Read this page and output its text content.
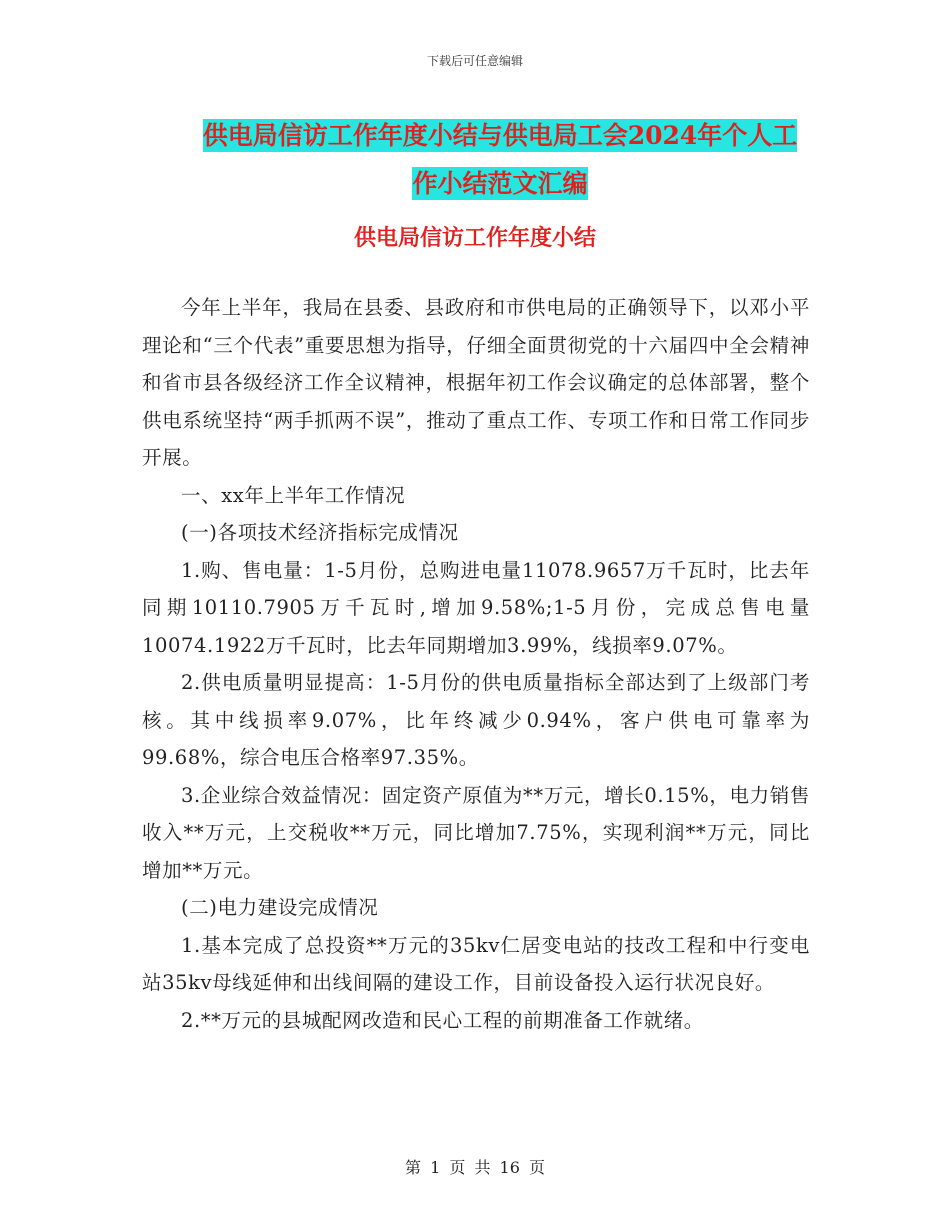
下载后可任意编辑
供电局信访工作年度小结与供电局工会2024年个人工
作小结范文汇编
供电局信访工作年度小结

今年上半年，我局在县委、县政府和市供电局的正确领导下，以邓小平理论和“三个代表”重要思想为指导，仔细全面贯彻党的十六届四中全会精神和省市县各级经济工作全议精神，根据年初工作会议确定的总体部署，整个供电系统坚持“两手抓两不误”，推动了重点工作、专项工作和日常工作同步开展。

一、xx年上半年工作情况

(一)各项技术经济指标完成情况

1.购、售电量：1-5月份，总购进电量11078.9657万千瓦时，比去年同期10110.7905万千瓦时,增加9.58%;1-5月份，完成总售电量10074.1922万千瓦时，比去年同期增加3.99%，线损率9.07%。

2.供电质量明显提高：1-5月份的供电质量指标全部达到了上级部门考核。其中线损率9.07%，比年终减少0.94%，客户供电可靠率为99.68%，综合电压合格率97.35%。

3.企业综合效益情况：固定资产原值为**万元，增长0.15%，电力销售收入**万元，上交税收**万元，同比增加7.75%，实现利润**万元，同比增加**万元。

(二)电力建设完成情况

1.基本完成了总投资**万元的35kv仁居变电站的技改工程和中行变电站35kv母线延伸和出线间隔的建设工作，目前设备投入运行状况良好。

2.**万元的县城配网改造和民心工程的前期准备工作就绪。

第 1 页 共 16 页
